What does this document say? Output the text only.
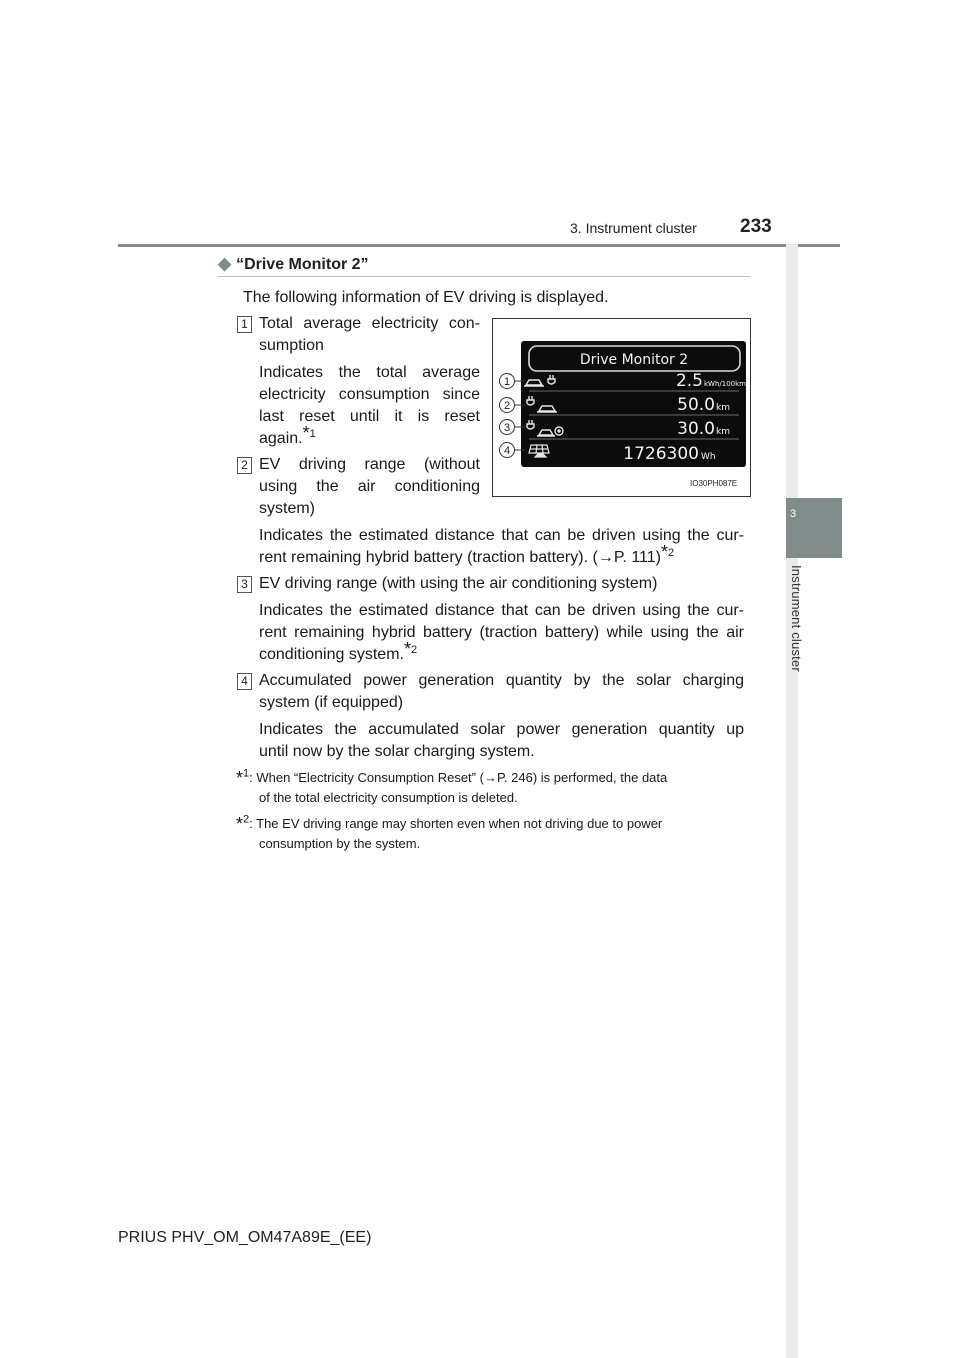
3. Instrument cluster 233
3
Instrument cluster
◆ “Drive Monitor 2”
The following information of EV driving is displayed.
1 Total average electricity con-
sumption
Indicates the total average
electricity consumption since
last reset until it is reset
again.$^{*1}$
2 EV driving range (without
using the air conditioning
system)
Indicates the estimated distance that can be driven using the cur-
rent remaining hybrid battery (traction battery). (→P. 111)$^{*2}$
3 EV driving range (with using the air conditioning system)
Indicates the estimated distance that can be driven using the cur-
rent remaining hybrid battery (traction battery) while using the air
conditioning system.$^{*2}$
4 Accumulated power generation quantity by the solar charging
system (if equipped)
Indicates the accumulated solar power generation quantity up
until now by the solar charging system.
*$^1$: When “Electricity Consumption Reset” (→P. 246) is performed, the data
of the total electricity consumption is deleted.
*$^2$: The EV driving range may shorten even when not driving due to power
consumption by the system.
Drive Monitor 2
2.5 kWh/100km
50.0 km
30.0 km
1726300 Wh
1
2
3
4
IO30PH087E
PRIUS PHV_OM_OM47A89E_(EE)
